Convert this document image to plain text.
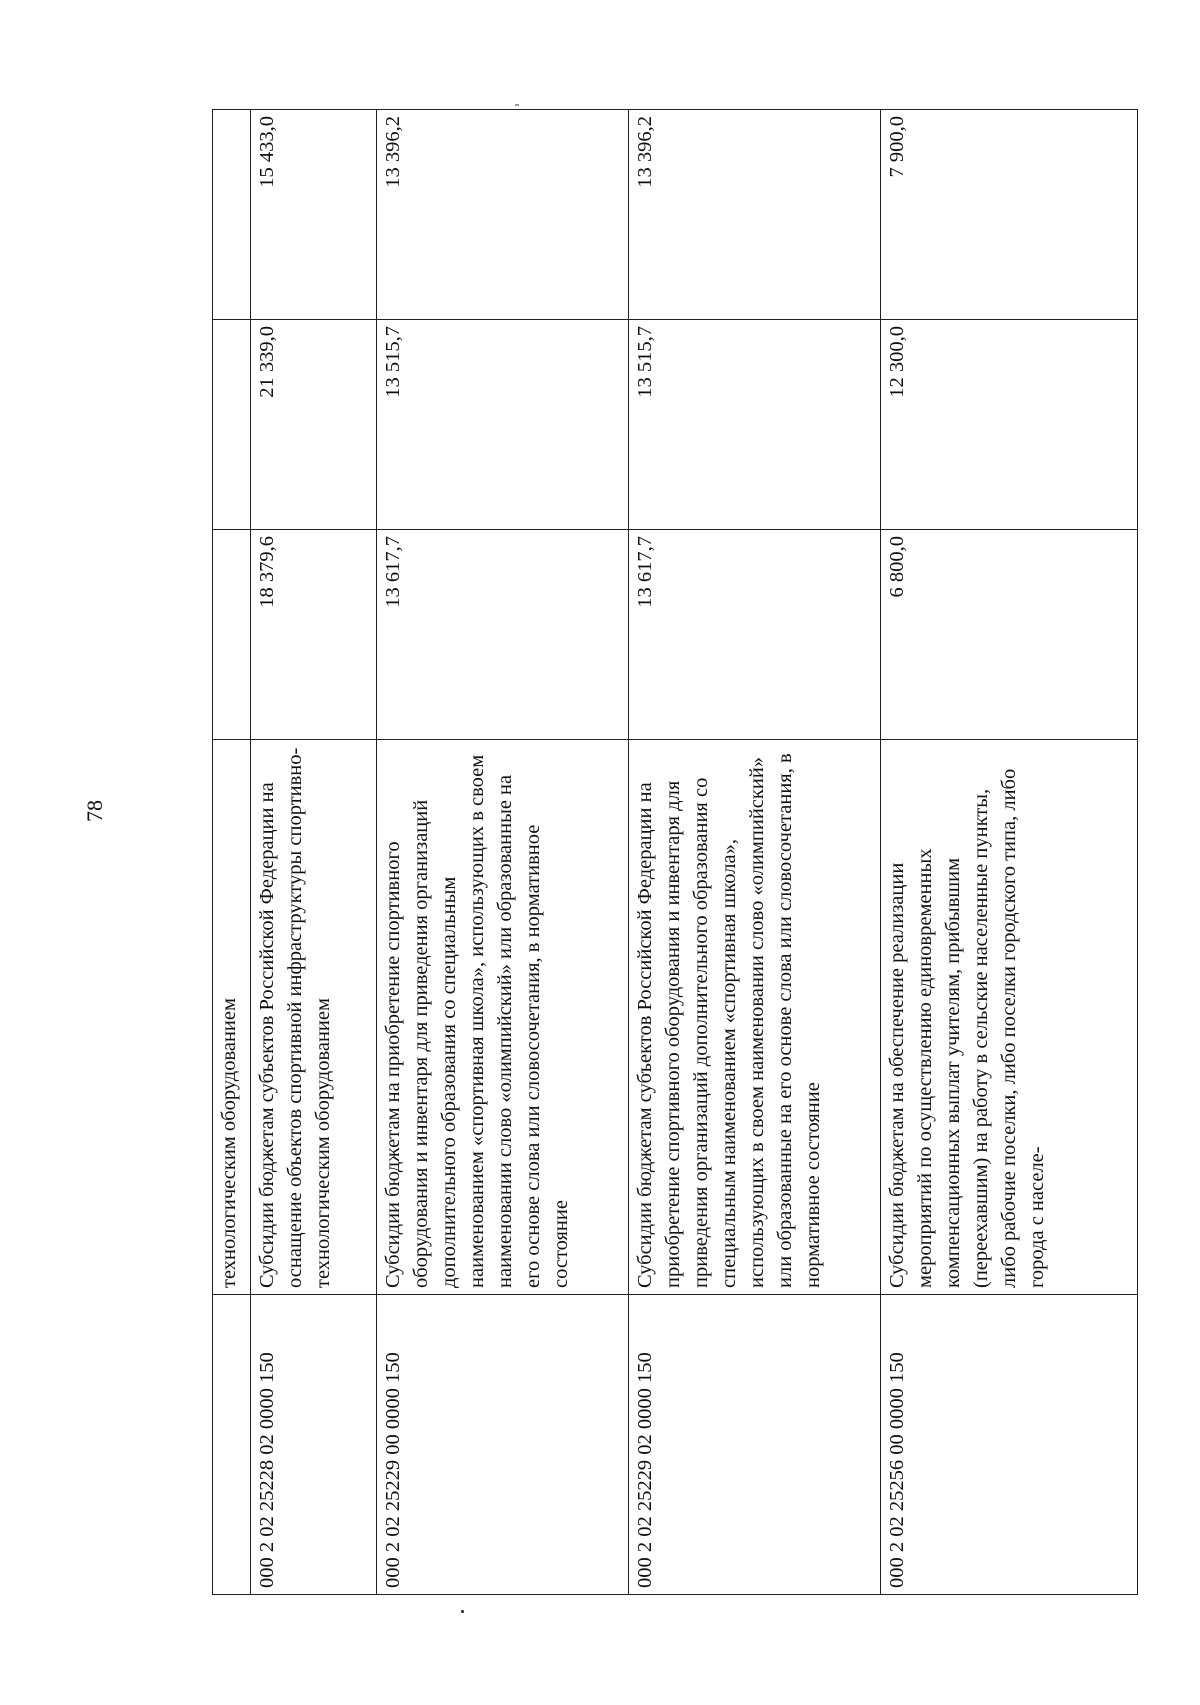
78
	технологическим оборудованием			
000 2 02 25228 02 0000 150	Субсидии бюджетам субъектов Российской Федерации на оснащение объектов спортивной инфраструктуры спортивно-технологическим оборудованием	18 379,6	21 339,0	15 433,0
000 2 02 25229 00 0000 150	Субсидии бюджетам на приобретение спортивного оборудования и инвентаря для приведения организаций дополнительного образования со специальным наименованием «спортивная школа», использующих в своем наименовании слово «олимпийский» или образованные на его основе слова или словосочетания, в нормативное состояние	13 617,7	13 515,7	13 396,2
000 2 02 25229 02 0000 150	Субсидии бюджетам субъектов Российской Федерации на приобретение спортивного оборудования и инвентаря для приведения организаций дополнительного образования со специальным наименованием «спортивная школа», использующих в своем наименовании слово «олимпийский» или образованные на его основе слова или словосочетания, в нормативное состояние	13 617,7	13 515,7	13 396,2
000 2 02 25256 00 0000 150	Субсидии бюджетам на обеспечение реализации мероприятий по осуществлению единовременных компенсационных выплат учителям, прибывшим (переехавшим) на работу в сельские населенные пункты, либо рабочие поселки, либо поселки городского типа, либо города с населе-	6 800,0	12 300,0	7 900,0
